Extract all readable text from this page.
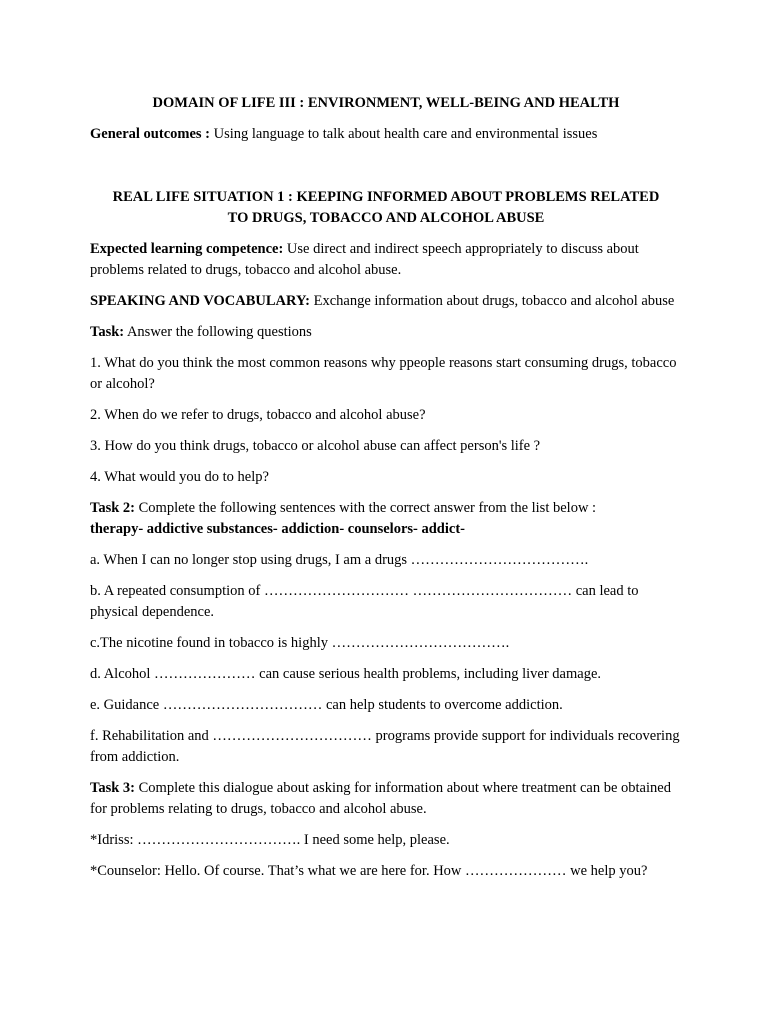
DOMAIN OF LIFE III : ENVIRONMENT, WELL-BEING AND HEALTH

General outcomes : Using language to talk about health care and environmental issues

REAL LIFE SITUATION 1 : KEEPING INFORMED ABOUT PROBLEMS RELATED

TO DRUGS, TOBACCO AND ALCOHOL ABUSE

Expected learning competence: Use direct and indirect speech appropriately to discuss about problems related to drugs, tobacco and alcohol abuse.

SPEAKING AND VOCABULARY: Exchange information about drugs, tobacco and alcohol abuse

Task: Answer the following questions

1. What do you think the most common reasons why ppeople reasons start consuming drugs, tobacco or alcohol?

2. When do we refer to drugs, tobacco and alcohol abuse?

3. How do you think drugs, tobacco or alcohol abuse can affect person's life ?

4. What would you do to help?

Task 2: Complete the following sentences with the correct answer from the list below :
therapy- addictive substances- addiction- counselors- addict-

a. When I can no longer stop using drugs, I am a drugs ……………………………….

b. A repeated consumption of ………………………… …………………………… can lead to physical dependence.

c.The nicotine found in tobacco is highly ……………………………….

d. Alcohol ………………… can cause serious health problems, including liver damage.

e. Guidance …………………………… can help students to overcome addiction.

f. Rehabilitation and …………………………… programs provide support for individuals recovering from addiction.

Task 3: Complete this dialogue about asking for information about where treatment can be obtained for problems relating to drugs, tobacco and alcohol abuse.

*Idriss: ……………………………. I need some help, please.

*Counselor: Hello. Of course. That’s what we are here for. How ………………… we help you?
